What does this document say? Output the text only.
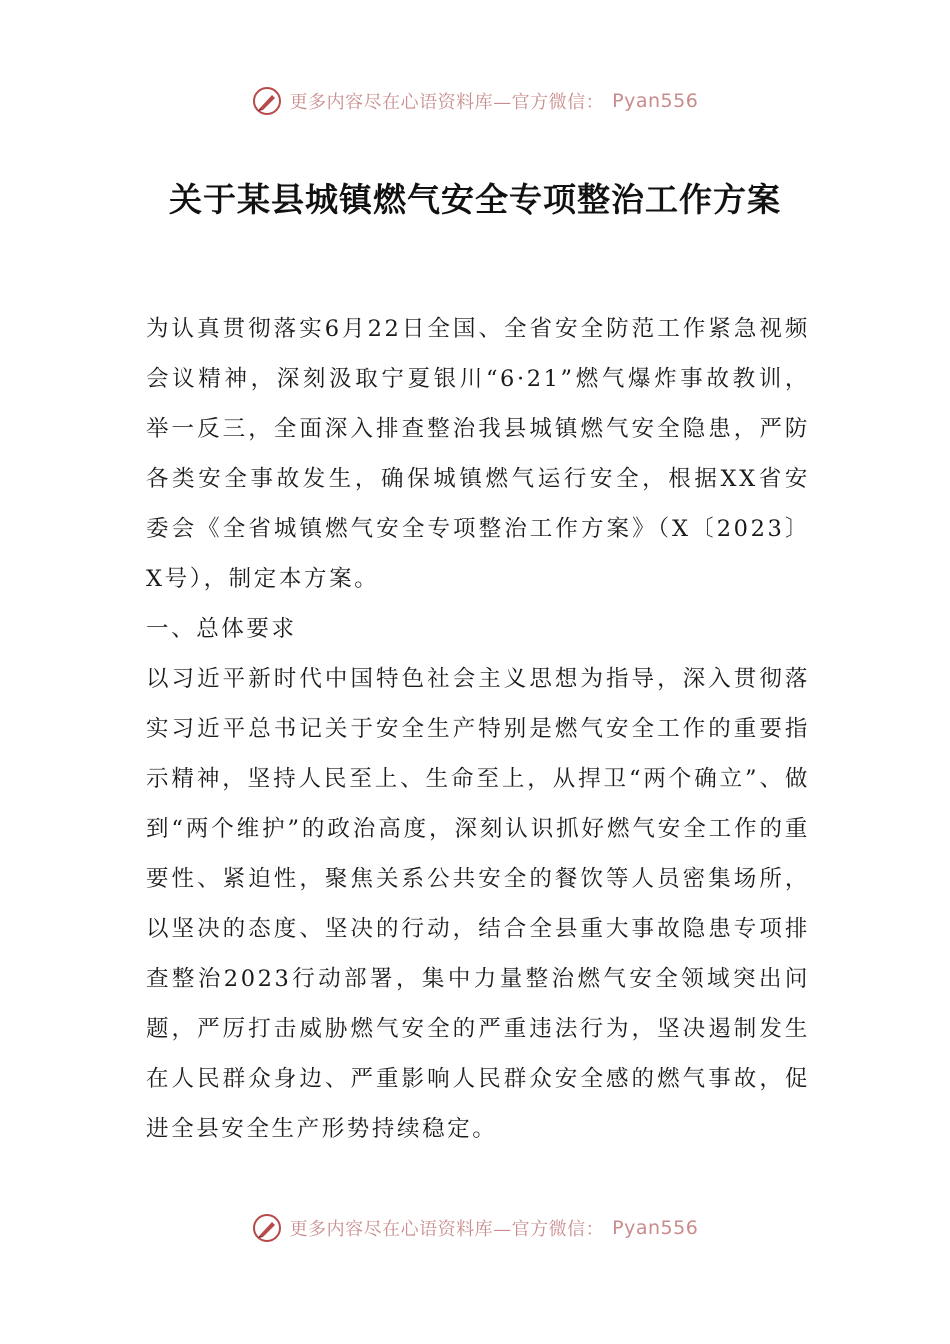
更多内容尽在心语资料库—官方微信： Pyan556
关于某县城镇燃气安全专项整治工作方案

为认真贯彻落实6月22日全国、全省安全防范工作紧急视频会议精神，深刻汲取宁夏银川“6·21”燃气爆炸事故教训，举一反三，全面深入排查整治我县城镇燃气安全隐患，严防各类安全事故发生，确保城镇燃气运行安全，根据XX省安委会《全省城镇燃气安全专项整治工作方案》（X〔2023〕X号），制定本方案。

一、总体要求

以习近平新时代中国特色社会主义思想为指导，深入贯彻落实习近平总书记关于安全生产特别是燃气安全工作的重要指示精神，坚持人民至上、生命至上，从捍卫“两个确立”、做到“两个维护”的政治高度，深刻认识抓好燃气安全工作的重要性、紧迫性，聚焦关系公共安全的餐饮等人员密集场所，以坚决的态度、坚决的行动，结合全县重大事故隐患专项排查整治2023行动部署，集中力量整治燃气安全领域突出问题，严厉打击威胁燃气安全的严重违法行为，坚决遏制发生在人民群众身边、严重影响人民群众安全感的燃气事故，促进全县安全生产形势持续稳定。

更多内容尽在心语资料库—官方微信： Pyan556
